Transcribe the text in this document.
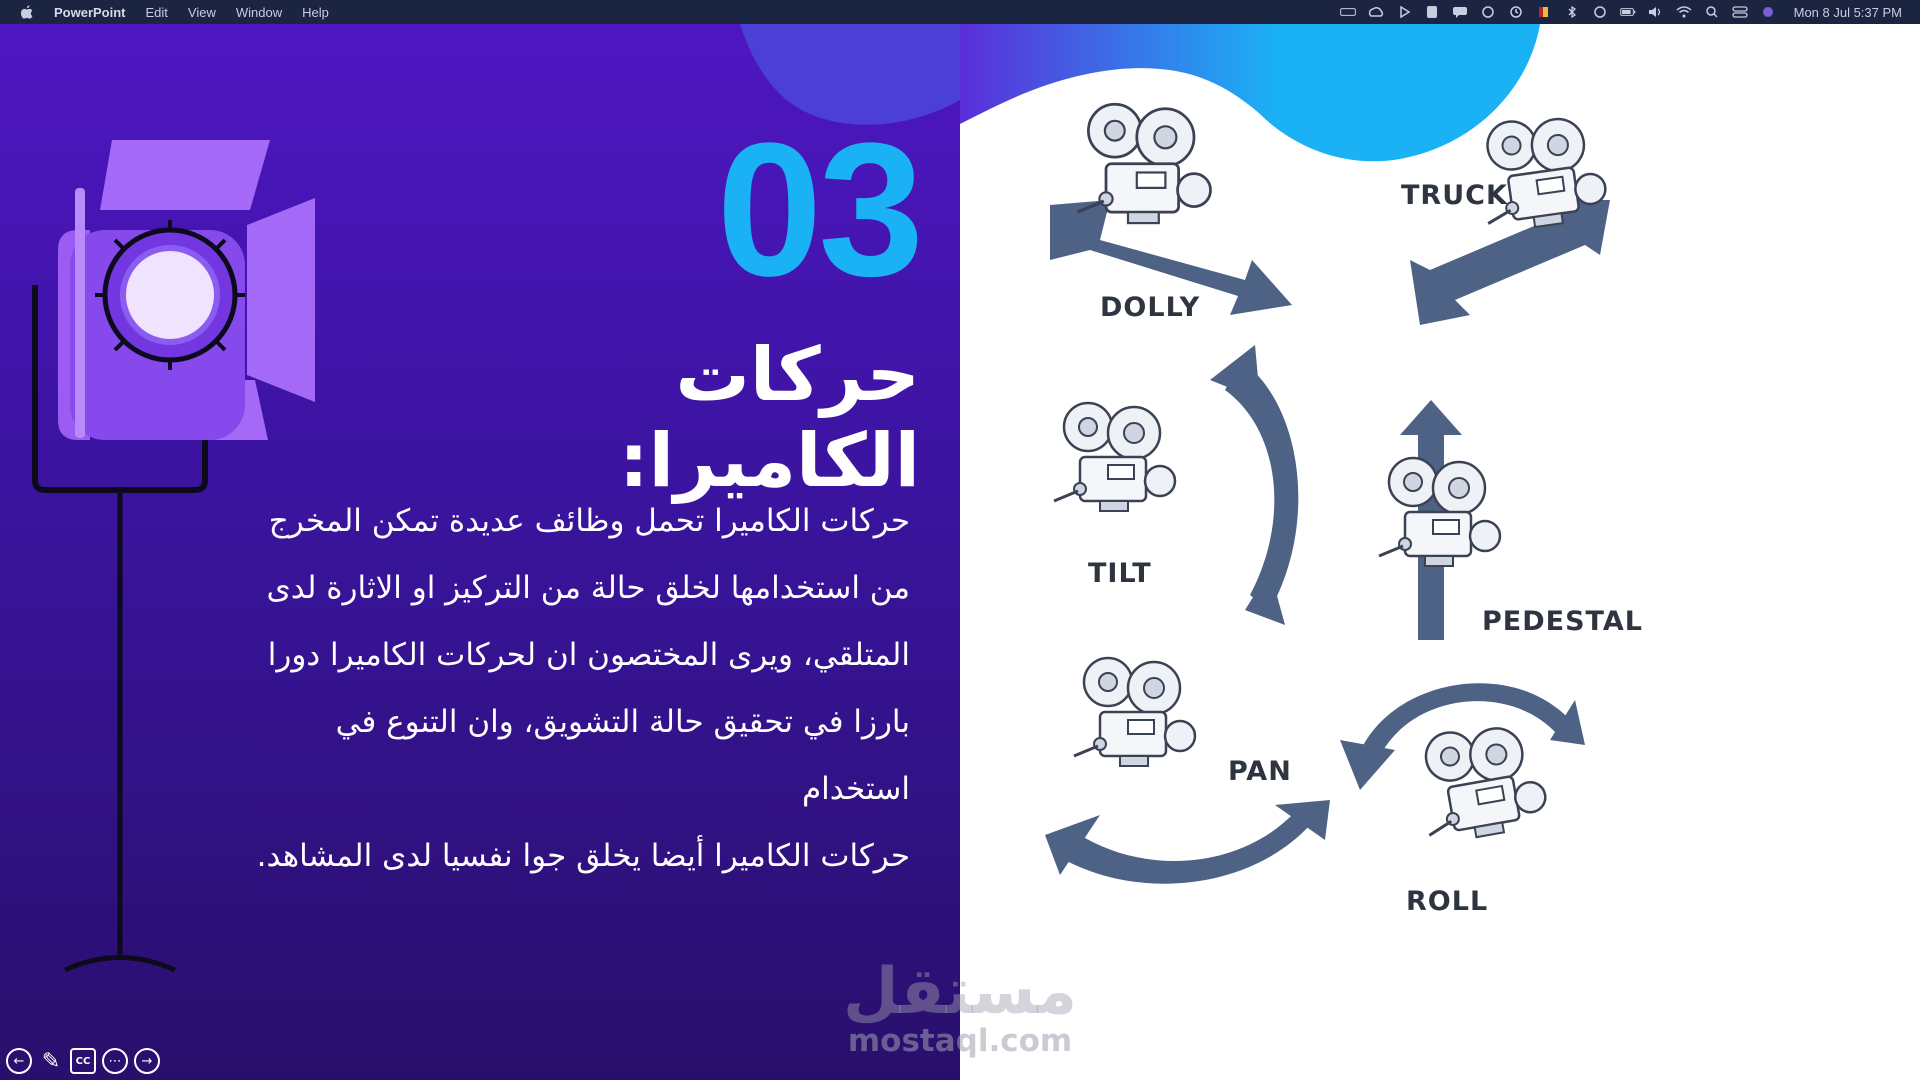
PowerPoint Edit View Window Help	Mon 8 Jul 5:37 PM
03
حركات الكاميرا:
حركات الكاميرا تحمل وظائف عديدة تمكن المخرج
من استخدامها لخلق حالة من التركيز او الاثارة لدى
المتلقي، ويرى المختصون ان لحركات الكاميرا دورا
بارزا في تحقيق حالة التشويق، وان التنوع في استخدام
حركات الكاميرا أيضا يخلق جوا نفسيا لدى المشاهد.
DOLLY
TRUCK
TILT
PEDESTAL
PAN
ROLL
مستقل
mostaql.com
← ✎	CC	⋯	→
